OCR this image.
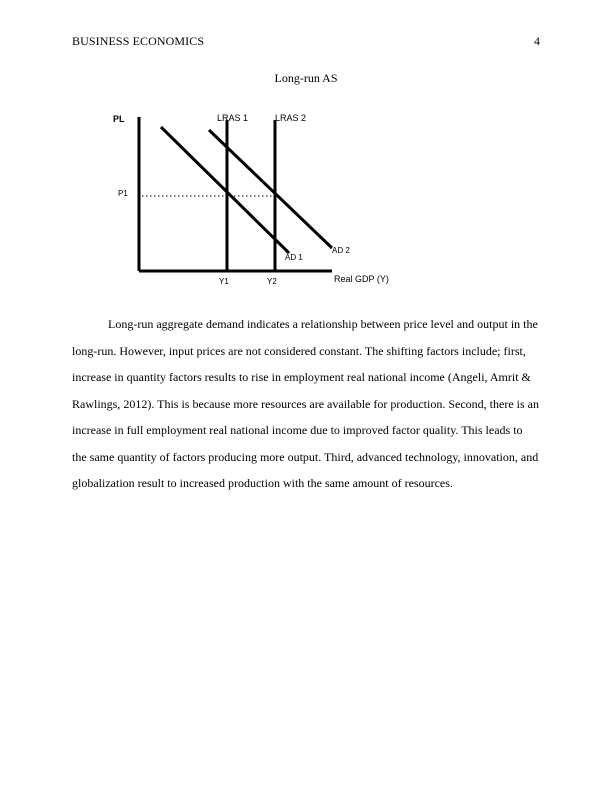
BUSINESS ECONOMICS	4
Long-run AS
PL
P1
LRAS 1	LRAS 2
AD 1
AD 2
Y1	Y2	Real GDP (Y)
Long-run aggregate demand indicates a relationship between price level and output in the
long-run. However, input prices are not considered constant. The shifting factors include; first,
increase in quantity factors results to rise in employment real national income (Angeli, Amrit &
Rawlings, 2012). This is because more resources are available for production. Second, there is an
increase in full employment real national income due to improved factor quality. This leads to
the same quantity of factors producing more output. Third, advanced technology, innovation, and
globalization result to increased production with the same amount of resources.
